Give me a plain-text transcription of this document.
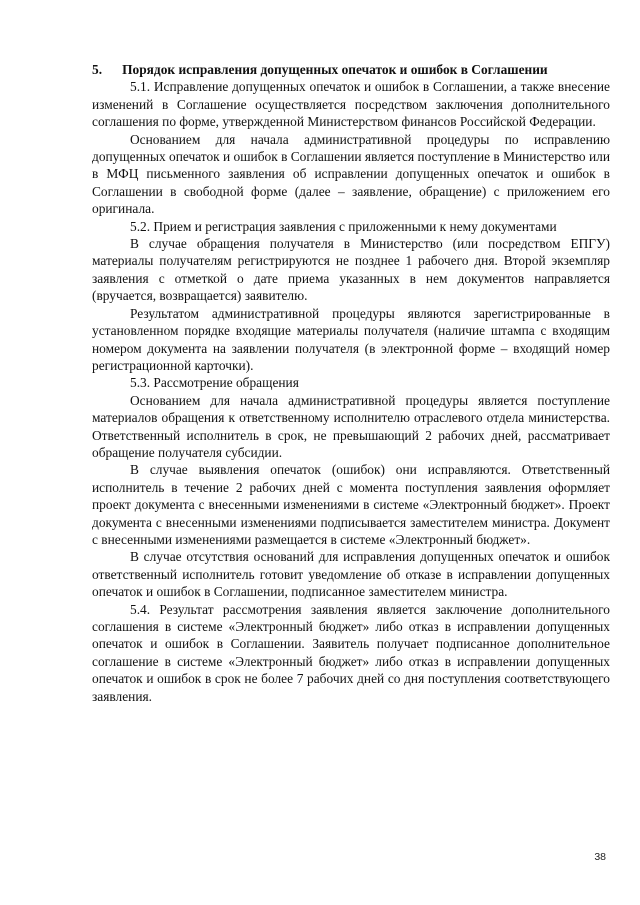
5.      Порядок исправления допущенных опечаток и ошибок в Соглашении

5.1. Исправление допущенных опечаток и ошибок в Соглашении, а также внесение изменений в Соглашение осуществляется посредством заключения дополнительного соглашения по форме, утвержденной Министерством финансов Российской Федерации.

Основанием для начала административной процедуры по исправлению допущенных опечаток и ошибок в Соглашении является поступление в Министерство или в МФЦ письменного заявления об исправлении допущенных опечаток и ошибок в Соглашении в свободной форме (далее – заявление, обращение) с приложением его оригинала.

5.2. Прием и регистрация заявления с приложенными к нему документами

В случае обращения получателя в Министерство (или посредством ЕПГУ) материалы получателям регистрируются не позднее 1 рабочего дня. Второй экземпляр заявления с отметкой о дате приема указанных в нем документов направляется (вручается, возвращается) заявителю.

Результатом административной процедуры являются зарегистрированные в установленном порядке входящие материалы получателя (наличие штампа с входящим номером документа на заявлении получателя (в электронной форме – входящий номер регистрационной карточки).

5.3. Рассмотрение обращения

Основанием для начала административной процедуры является поступление материалов обращения к ответственному исполнителю отраслевого отдела министерства. Ответственный исполнитель в срок, не превышающий 2 рабочих дней, рассматривает обращение получателя субсидии.

В случае выявления опечаток (ошибок) они исправляются. Ответственный исполнитель в течение 2 рабочих дней с момента поступления заявления оформляет проект документа с внесенными изменениями в системе «Электронный бюджет». Проект документа с внесенными изменениями подписывается заместителем министра. Документ с внесенными изменениями размещается в системе «Электронный бюджет».

В случае отсутствия оснований для исправления допущенных опечаток и ошибок ответственный исполнитель готовит уведомление об отказе в исправлении допущенных опечаток и ошибок в Соглашении, подписанное заместителем министра.

5.4. Результат рассмотрения заявления является заключение дополнительного соглашения в системе «Электронный бюджет» либо отказ в исправлении допущенных опечаток и ошибок в Соглашении. Заявитель получает подписанное дополнительное соглашение в системе «Электронный бюджет» либо отказ в исправлении допущенных опечаток и ошибок в срок не более 7 рабочих дней со дня поступления соответствующего заявления.

38
